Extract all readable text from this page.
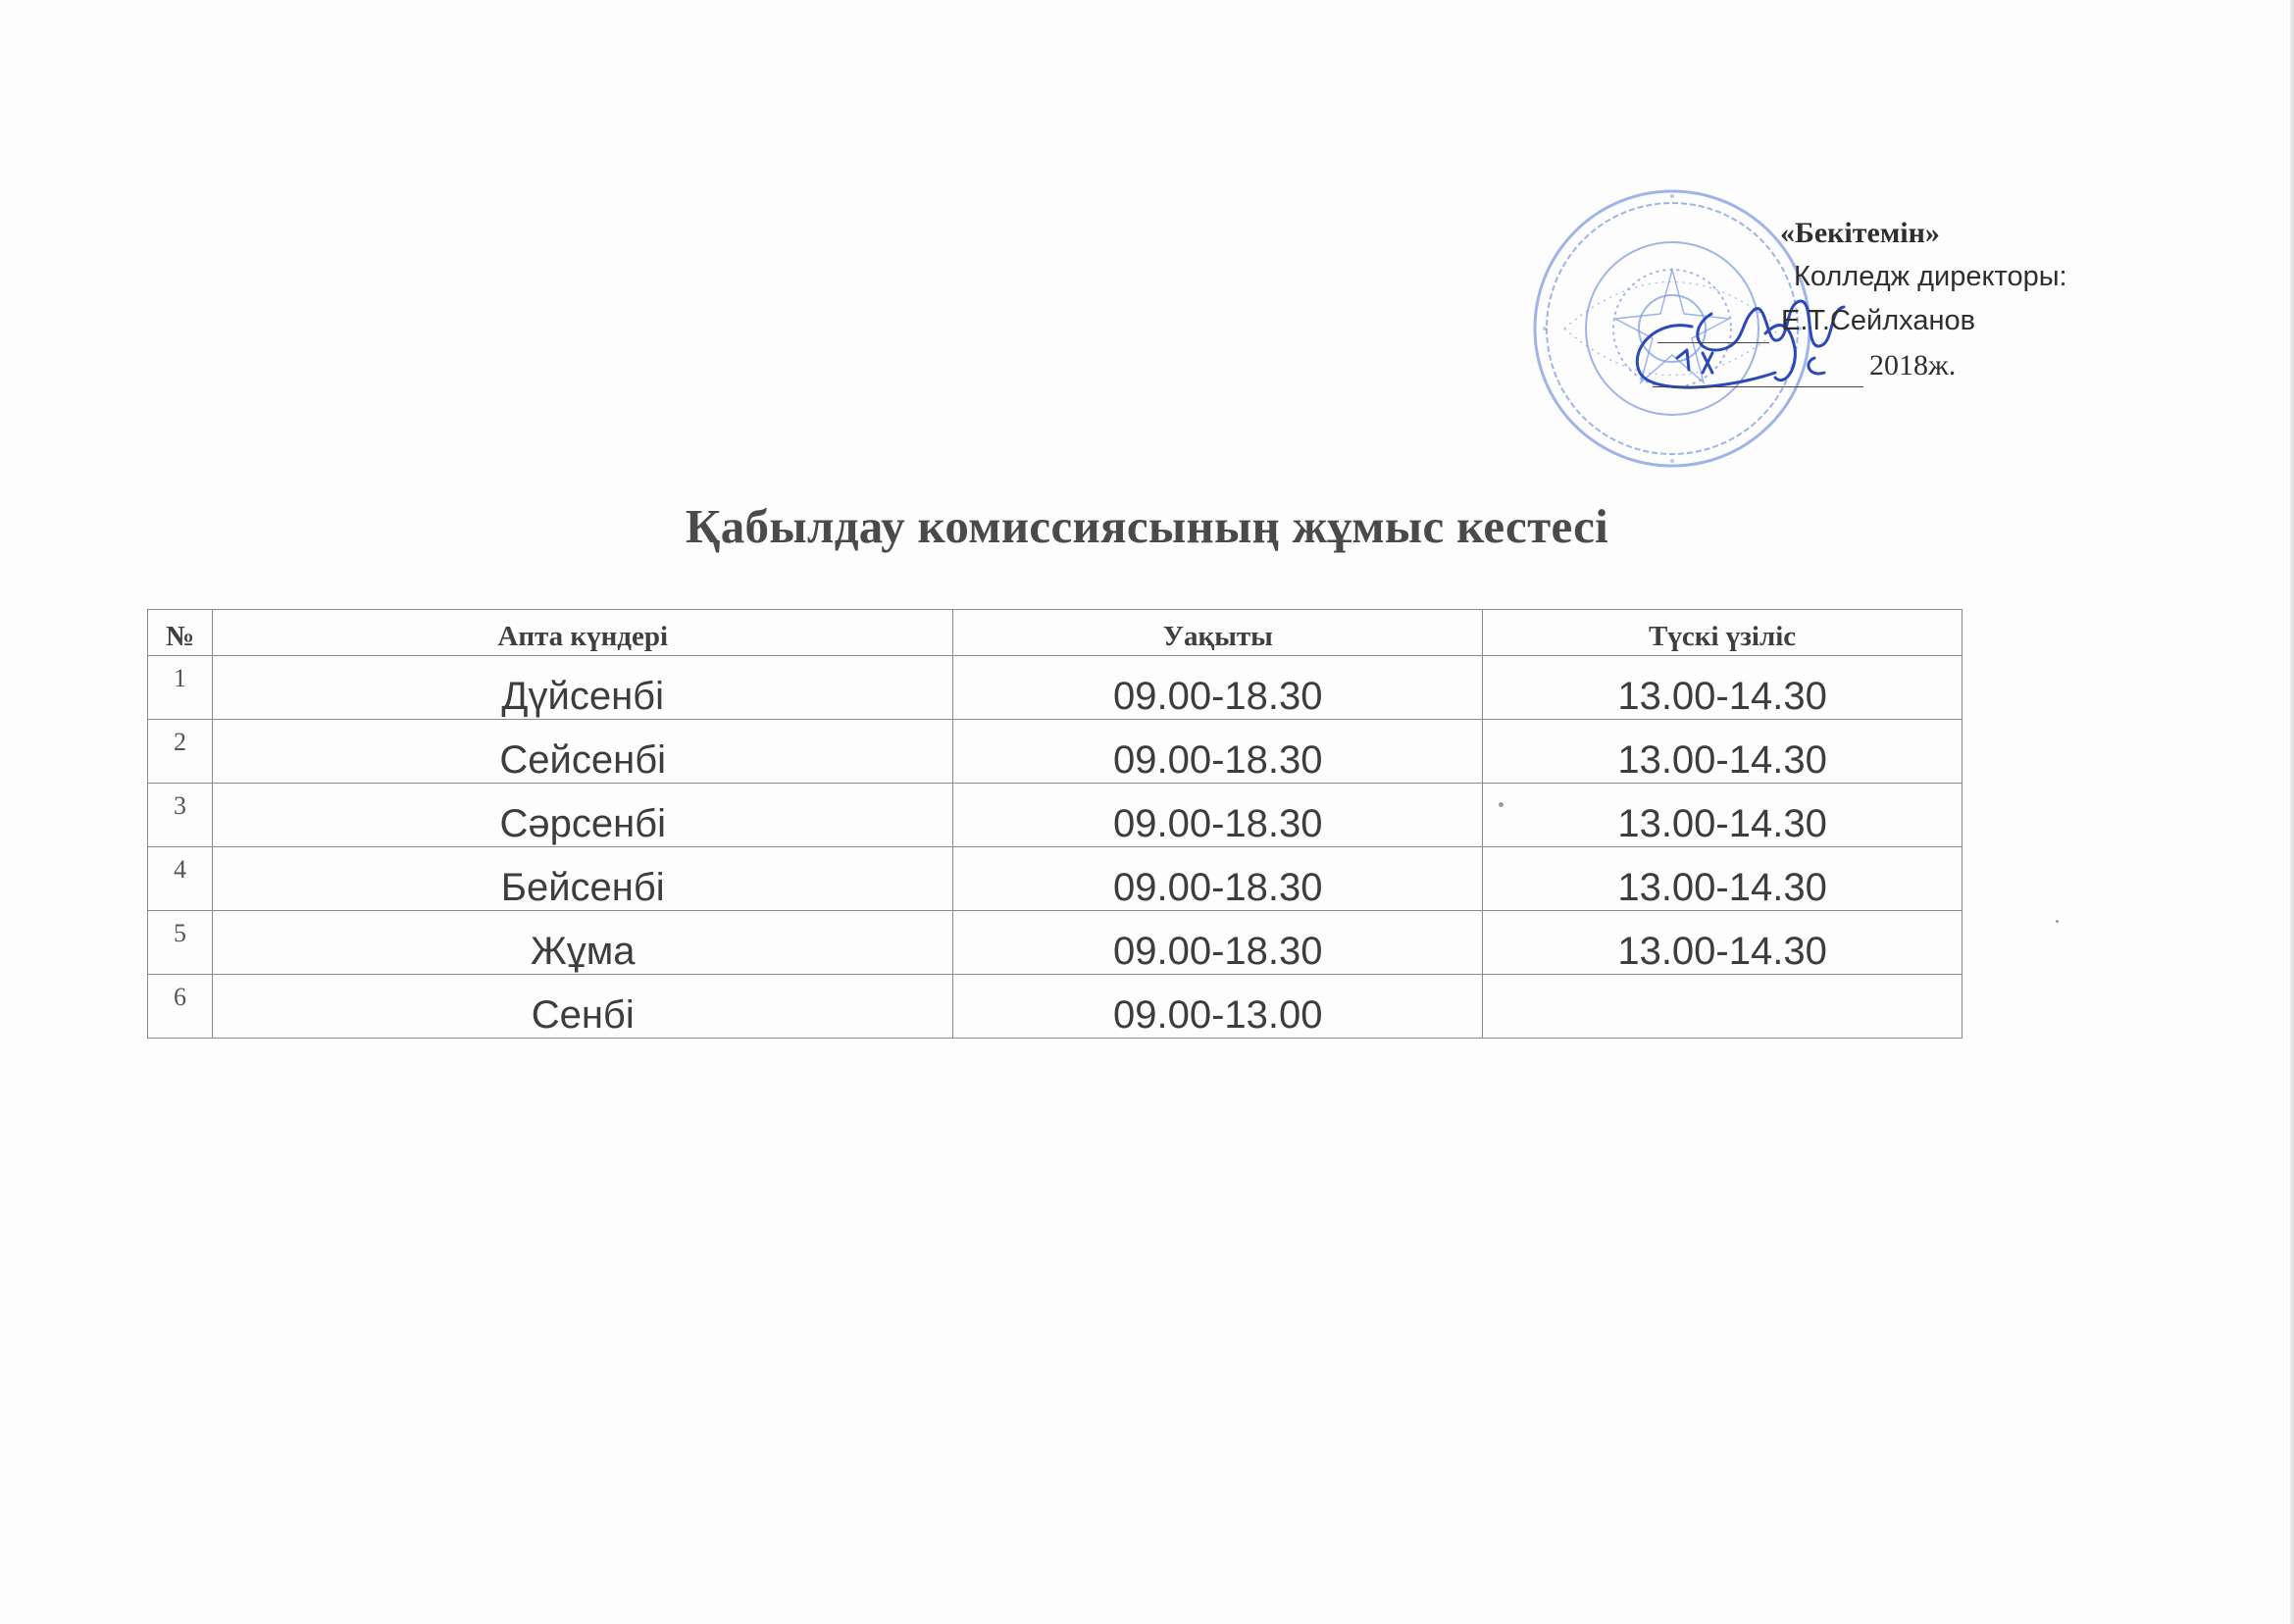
«Бекітемін»
Колледж директоры:
Е.Т.Сейлханов
2018ж.
Қабылдау комиссиясының жұмыс кестесі
№	Апта күндері	Уақыты	Түскі үзіліс
1	Дүйсенбі	09.00-18.30	13.00-14.30
2	Сейсенбі	09.00-18.30	13.00-14.30
3	Сәрсенбі	09.00-18.30	13.00-14.30
4	Бейсенбі	09.00-18.30	13.00-14.30
5	Жұма	09.00-18.30	13.00-14.30
6	Сенбі	09.00-13.00	
